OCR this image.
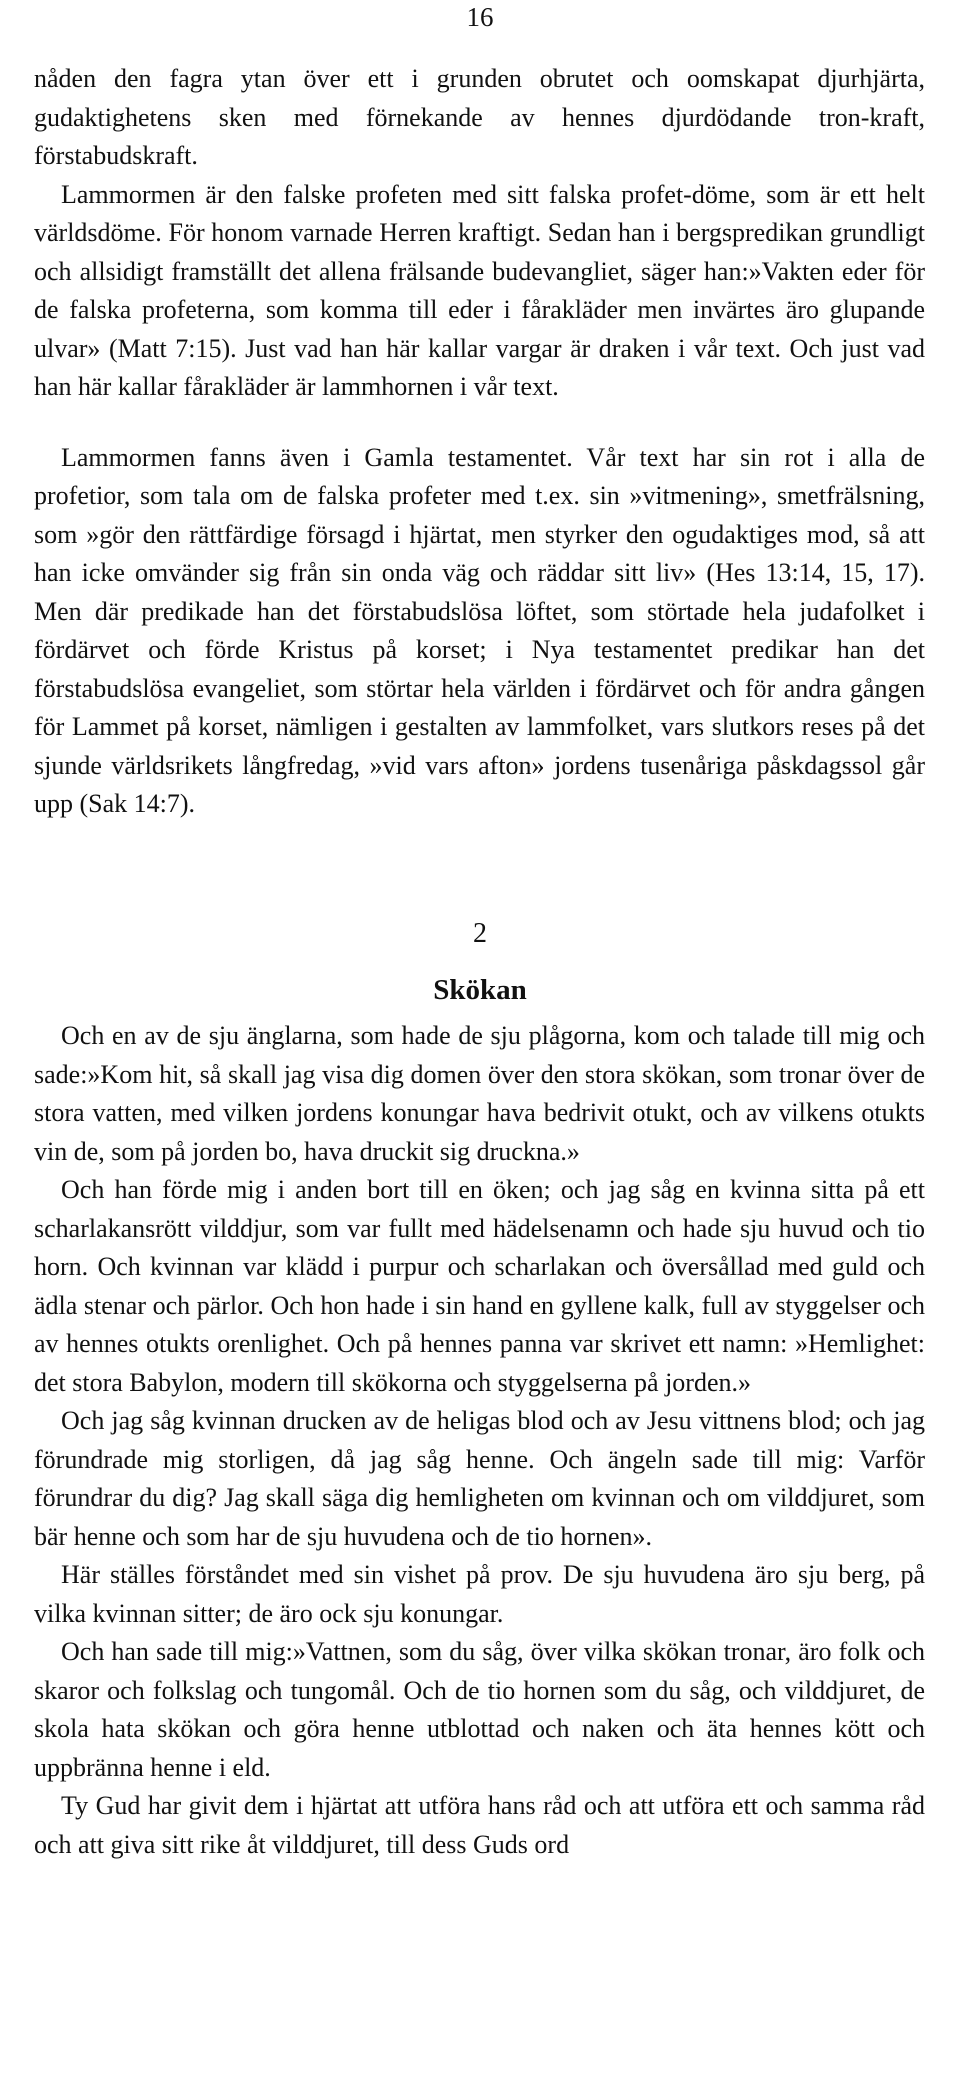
16

nåden den fagra ytan över ett i grunden obrutet och oomskapat djurhjärta, gudaktighetens sken med förnekande av hennes djurdödande tron-kraft, förstabudskraft.

Lammormen är den falske profeten med sitt falska profet-döme, som är ett helt världsdöme. För honom varnade Herren kraftigt. Sedan han i bergspredikan grundligt och allsidigt framställt det allena frälsande budevangliet, säger han:»Vakten eder för de falska profeterna, som komma till eder i fårakläder men invärtes äro glupande ulvar» (Matt 7:15). Just vad han här kallar vargar är draken i vår text. Och just vad han här kallar fårakläder är lammhornen i vår text.

Lammormen fanns även i Gamla testamentet. Vår text har sin rot i alla de profetior, som tala om de falska profeter med t.ex. sin »vitmening», smetfrälsning, som »gör den rättfärdige försagd i hjärtat, men styrker den ogudaktiges mod, så att han icke omvänder sig från sin onda väg och räddar sitt liv» (Hes 13:14, 15, 17). Men där predikade han det förstabudslösa löftet, som störtade hela judafolket i fördärvet och förde Kristus på korset; i Nya testamentet predikar han det förstabudslösa evangeliet, som störtar hela världen i fördärvet och för andra gången för Lammet på korset, nämligen i gestalten av lammfolket, vars slutkors reses på det sjunde världsrikets långfredag, »vid vars afton» jordens tusenåriga påskdagssol går upp (Sak 14:7).

2

Skökan

Och en av de sju änglarna, som hade de sju plågorna, kom och talade till mig och sade:»Kom hit, så skall jag visa dig domen över den stora skökan, som tronar över de stora vatten, med vilken jordens konungar hava bedrivit otukt, och av vilkens otukts vin de, som på jorden bo, hava druckit sig druckna.»

Och han förde mig i anden bort till en öken; och jag såg en kvinna sitta på ett scharlakansrött vilddjur, som var fullt med hädelsenamn och hade sju huvud och tio horn. Och kvinnan var klädd i purpur och scharlakan och översållad med guld och ädla stenar och pärlor. Och hon hade i sin hand en gyllene kalk, full av styggelser och av hennes otukts orenlighet. Och på hennes panna var skrivet ett namn: »Hemlighet: det stora Babylon, modern till skökorna och styggelserna på jorden.»

Och jag såg kvinnan drucken av de heligas blod och av Jesu vittnens blod; och jag förundrade mig storligen, då jag såg henne. Och ängeln sade till mig: Varför förundrar du dig? Jag skall säga dig hemligheten om kvinnan och om vilddjuret, som bär henne och som har de sju huvudena och de tio hornen».

Här ställes förståndet med sin vishet på prov. De sju huvudena äro sju berg, på vilka kvinnan sitter; de äro ock sju konungar.

Och han sade till mig:»Vattnen, som du såg, över vilka skökan tronar, äro folk och skaror och folkslag och tungomål. Och de tio hornen som du såg, och vilddjuret, de skola hata skökan och göra henne utblottad och naken och äta hennes kött och uppbränna henne i eld.

Ty Gud har givit dem i hjärtat att utföra hans råd och att utföra ett och samma råd och att giva sitt rike åt vilddjuret, till dess Guds ord
